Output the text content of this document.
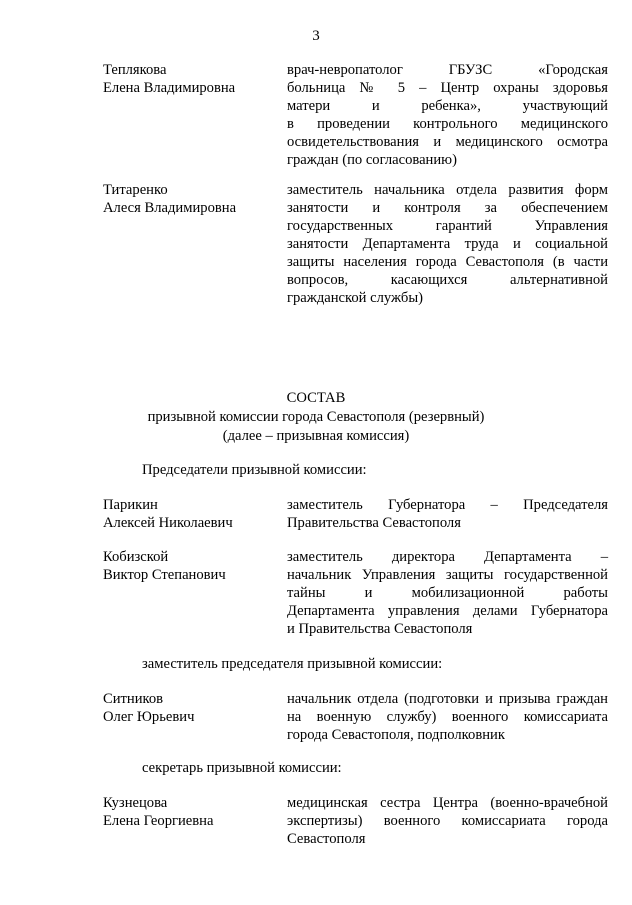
3
Теплякова
Елена Владимировна
врач-невропатолог ГБУЗС «Городская
больница № 5 – Центр охраны здоровья
матери и ребенка», участвующий
в проведении контрольного медицинского
освидетельствования и медицинского осмотра
граждан (по согласованию)
Титаренко
Алеся Владимировна
заместитель начальника отдела развития форм
занятости и контроля за обеспечением
государственных гарантий Управления
занятости Департамента труда и социальной
защиты населения города Севастополя (в части
вопросов, касающихся альтернативной
гражданской службы)
СОСТАВ
призывной комиссии города Севастополя (резервный)
(далее – призывная комиссия)
Председатели призывной комиссии:
Парикин
Алексей Николаевич
заместитель Губернатора – Председателя
Правительства Севастополя
Кобизской
Виктор Степанович
заместитель директора Департамента –
начальник Управления защиты государственной
тайны и мобилизационной работы
Департамента управления делами Губернатора
и Правительства Севастополя
заместитель председателя призывной комиссии:
Ситников
Олег Юрьевич
начальник отдела (подготовки и призыва граждан
на военную службу) военного комиссариата
города Севастополя, подполковник
секретарь призывной комиссии:
Кузнецова
Елена Георгиевна
медицинская сестра Центра (военно-врачебной
экспертизы) военного комиссариата города
Севастополя
